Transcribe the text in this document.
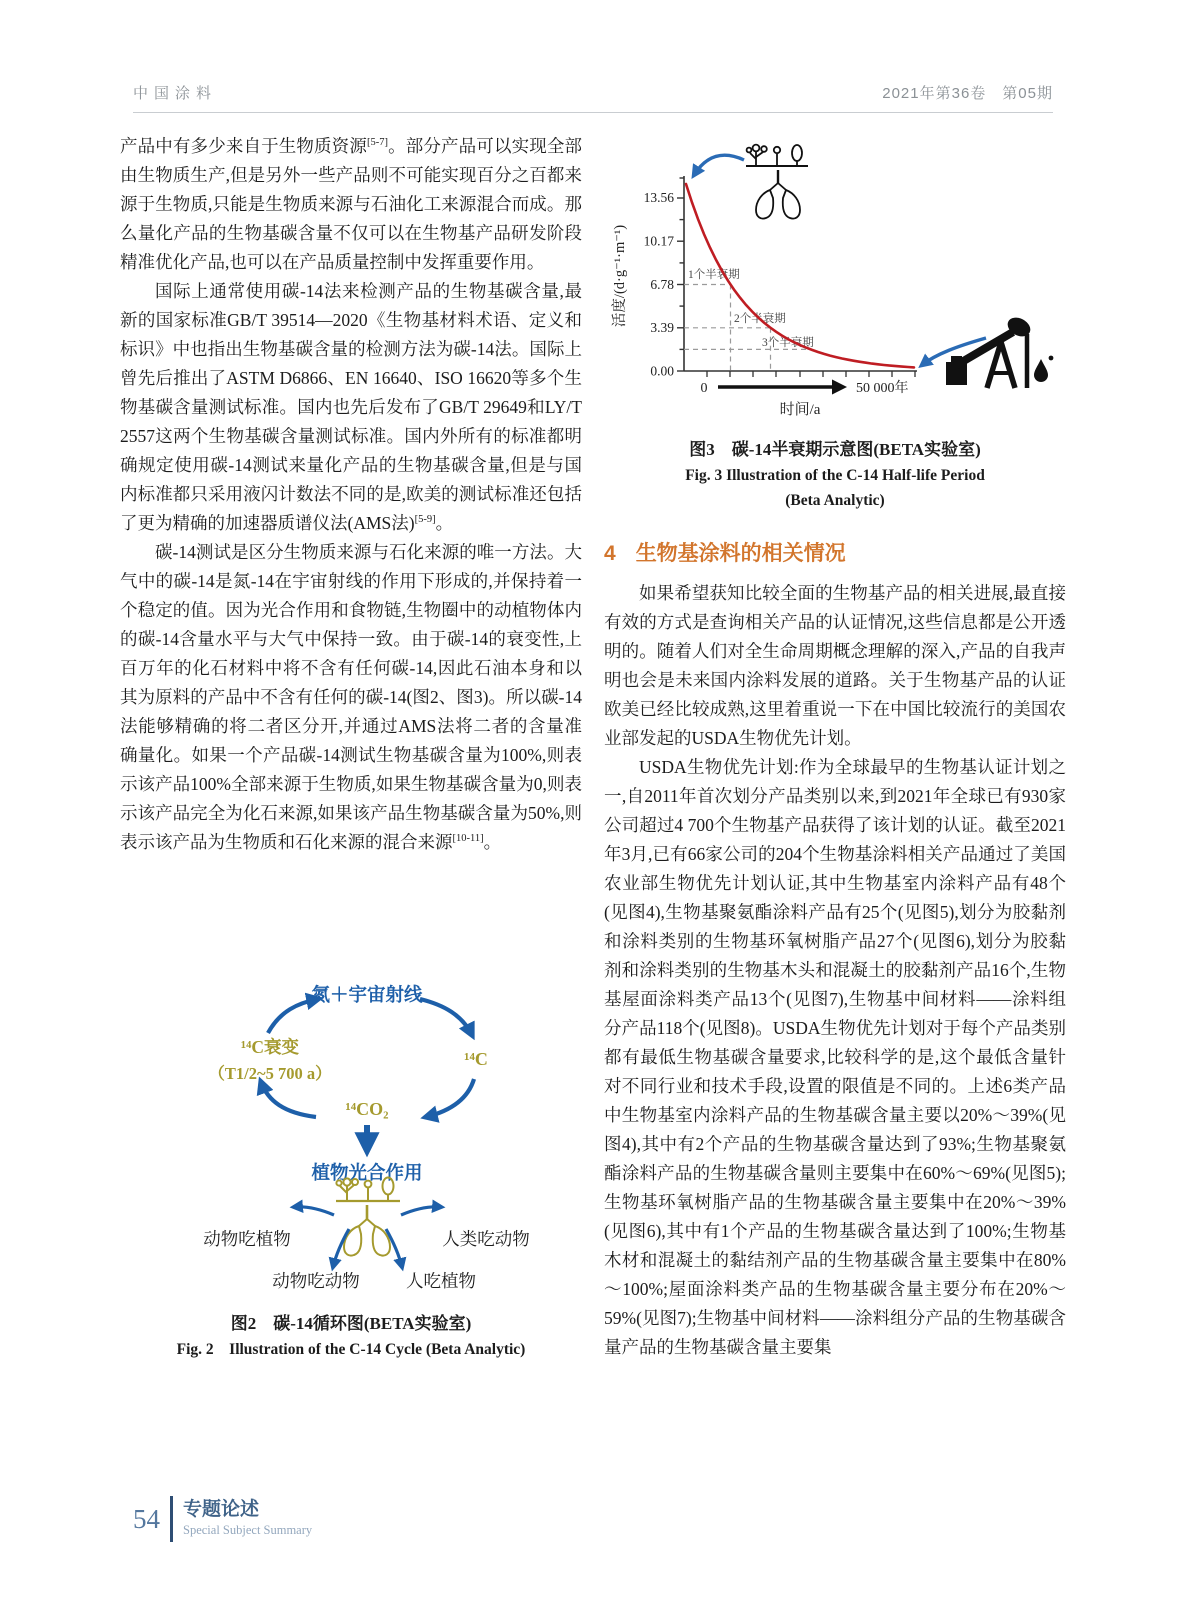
中国涂料	2021年第36卷　第05期

产品中有多少来自于生物质资源[5-7]。部分产品可以实现全部由生物质生产,但是另外一些产品则不可能实现百分之百都来源于生物质,只能是生物质来源与石油化工来源混合而成。那么量化产品的生物基碳含量不仅可以在生物基产品研发阶段精准优化产品,也可以在产品质量控制中发挥重要作用。

国际上通常使用碳-14法来检测产品的生物基碳含量,最新的国家标准GB/T 39514—2020《生物基材料术语、定义和标识》中也指出生物基碳含量的检测方法为碳-14法。国际上曾先后推出了ASTM D6866、EN 16640、ISO 16620等多个生物基碳含量测试标准。国内也先后发布了GB/T 29649和LY/T 2557这两个生物基碳含量测试标准。国内外所有的标准都明确规定使用碳-14测试来量化产品的生物基碳含量,但是与国内标准都只采用液闪计数法不同的是,欧美的测试标准还包括了更为精确的加速器质谱仪法(AMS法)[5-9]。

碳-14测试是区分生物质来源与石化来源的唯一方法。大气中的碳-14是氮-14在宇宙射线的作用下形成的,并保持着一个稳定的值。因为光合作用和食物链,生物圈中的动植物体内的碳-14含量水平与大气中保持一致。由于碳-14的衰变性,上百万年的化石材料中将不含有任何碳-14,因此石油本身和以其为原料的产品中不含有任何的碳-14(图2、图3)。所以碳-14法能够精确的将二者区分开,并通过AMS法将二者的含量准确量化。如果一个产品碳-14测试生物基碳含量为100%,则表示该产品100%全部来源于生物质,如果生物基碳含量为0,则表示该产品完全为化石来源,如果该产品生物基碳含量为50%,则表示该产品为生物质和石化来源的混合来源[10-11]。

氮＋宇宙射线
¹⁴C衰变
（T1/2~5 700 a）
¹⁴C
¹⁴CO₂
植物光合作用
动物吃植物	人类吃动物
动物吃动物	人吃植物
图2　碳-14循环图(BETA实验室)
Fig. 2　Illustration of the C-14 Cycle (Beta Analytic)
13.56
10.17
6.78
3.39
0.00
活度/(d·g⁻¹·m⁻¹)
时间/a
1个半衰期
2个半衰期
3个半衰期
0	50 000年
图3　碳-14半衰期示意图(BETA实验室)
Fig. 3 Illustration of the C-14 Half-life Period
(Beta Analytic)
4 生物基涂料的相关情况

如果希望获知比较全面的生物基产品的相关进展,最直接有效的方式是查询相关产品的认证情况,这些信息都是公开透明的。随着人们对全生命周期概念理解的深入,产品的自我声明也会是未来国内涂料发展的道路。关于生物基产品的认证欧美已经比较成熟,这里着重说一下在中国比较流行的美国农业部发起的USDA生物优先计划。

USDA生物优先计划:作为全球最早的生物基认证计划之一,自2011年首次划分产品类别以来,到2021年全球已有930家公司超过4 700个生物基产品获得了该计划的认证。截至2021年3月,已有66家公司的204个生物基涂料相关产品通过了美国农业部生物优先计划认证,其中生物基室内涂料产品有48个(见图4),生物基聚氨酯涂料产品有25个(见图5),划分为胶黏剂和涂料类别的生物基环氧树脂产品27个(见图6),划分为胶黏剂和涂料类别的生物基木头和混凝土的胶黏剂产品16个,生物基屋面涂料类产品13个(见图7),生物基中间材料——涂料组分产品118个(见图8)。USDA生物优先计划对于每个产品类别都有最低生物基碳含量要求,比较科学的是,这个最低含量针对不同行业和技术手段,设置的限值是不同的。上述6类产品中生物基室内涂料产品的生物基碳含量主要以20%～39%(见图4),其中有2个产品的生物基碳含量达到了93%;生物基聚氨酯涂料产品的生物基碳含量则主要集中在60%～69%(见图5);生物基环氧树脂产品的生物基碳含量主要集中在20%～39%(见图6),其中有1个产品的生物基碳含量达到了100%;生物基木材和混凝土的黏结剂产品的生物基碳含量主要集中在80%～100%;屋面涂料类产品的生物基碳含量主要分布在20%～59%(见图7);生物基中间材料——涂料组分产品的生物基碳含量产品的生物基碳含量主要集

54 专题论述
Special Subject Summary
